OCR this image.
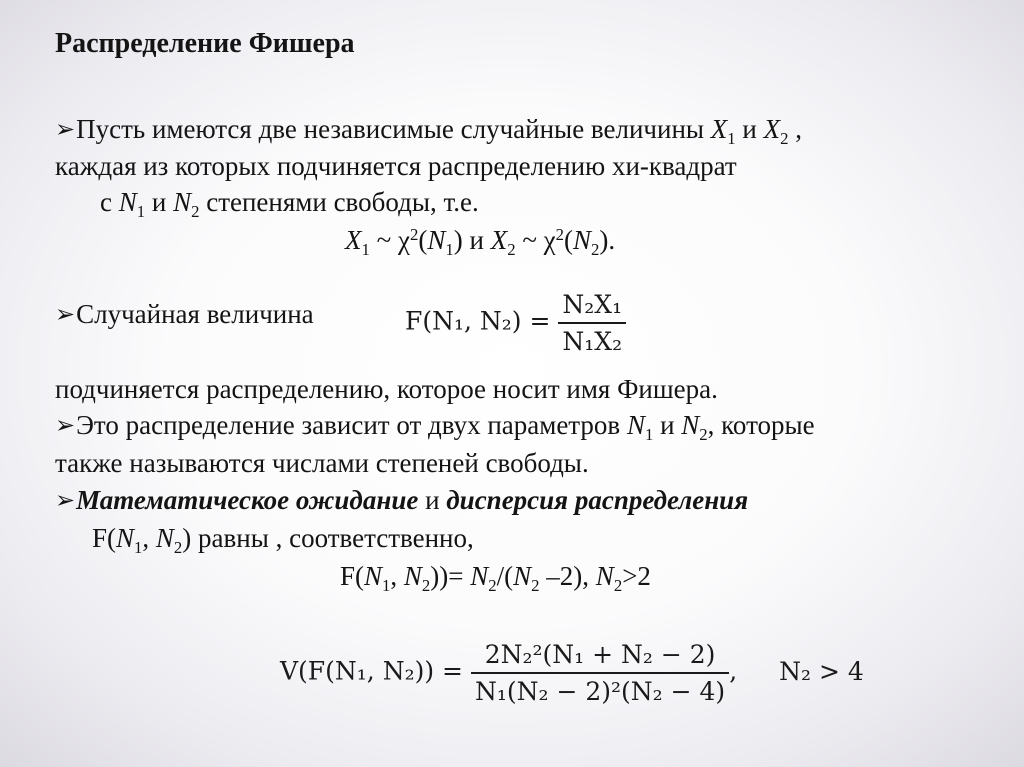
Распределение Фишера
➢Пусть имеются две независимые случайные величины $X_1$ и $X_2$ ,
каждая из которых подчиняется распределению хи-квадрат
с $N_1$ и $N_2$ степенями свободы, т.е.
$X_1$ ~ $\chi^2(N_1)$ и $X_2$ ~ $\chi^2(N_2)$.
➢Случайная величина	F(N₁, $N_2) = \frac{\text{N₂X₁}}{\text{N₁X₂}}$
подчиняется распределению, которое носит имя Фишера.
➢Это распределение зависит от двух параметров $N_1$ и $N_2$, которые
также называются числами степеней свободы.
➢Математическое ожидание и дисперсия распределения
$F(N_1$, $N_2$) равны , соответственно,
$F(N_1$, $N_2))= N_2/(N_2$ –2), $N_2>2$
V(F(N₁, $N_2)) = \frac{\text{2N₂²(N₁ + N₂ − 2)}}{\text{N₁(N₂ − 2)²(N₂ − 4)}}$ , N₂ > 4
